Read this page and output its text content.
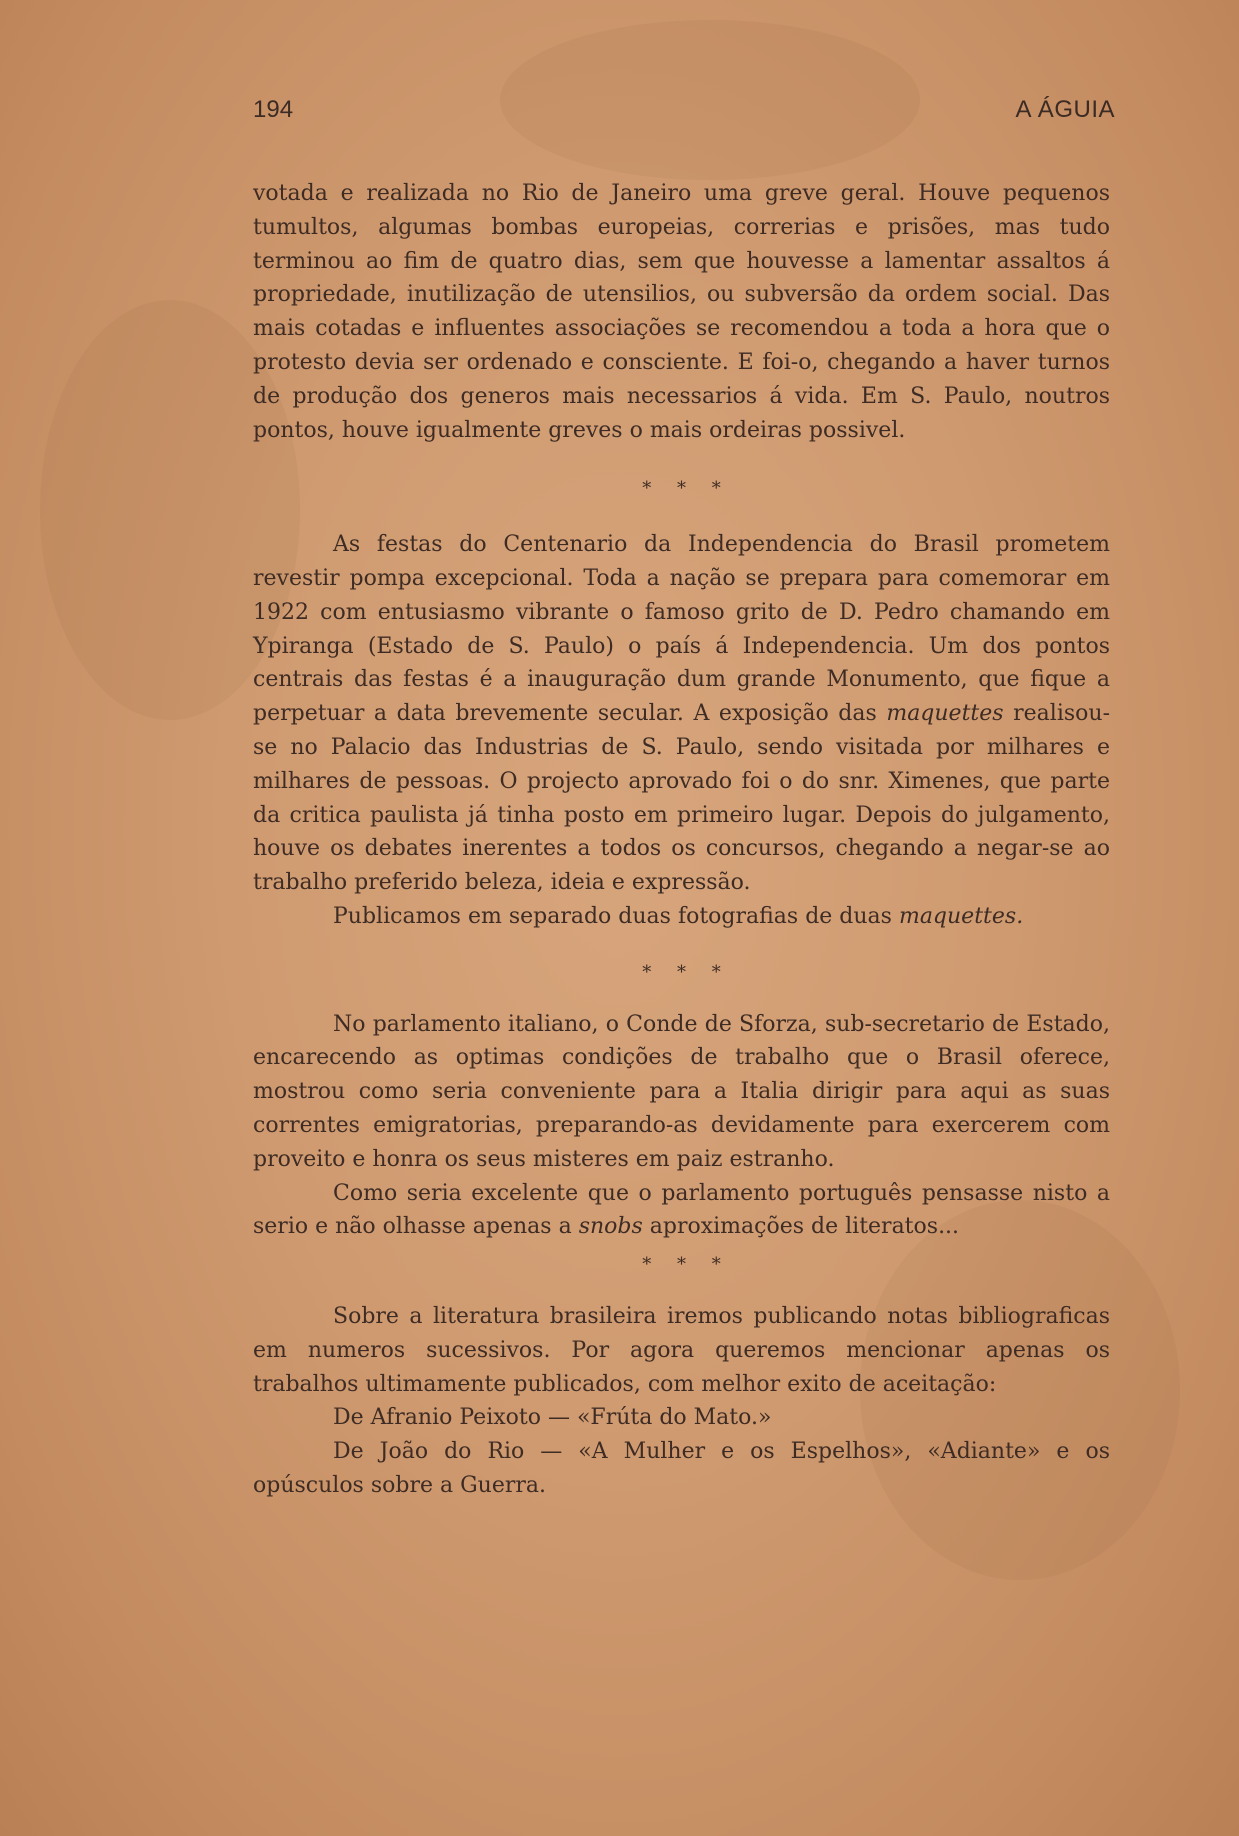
194	A ÁGUIA

votada e realizada no Rio de Janeiro uma greve geral. Houve pequenos tumultos, algumas bombas europeias, correrias e prisões, mas tudo terminou ao fim de quatro dias, sem que houvesse a lamentar assaltos á propriedade, inutilização de utensilios, ou subversão da ordem social. Das mais cotadas e influentes associações se recomendou a toda a hora que o protesto devia ser ordenado e consciente. E foi-o, chegando a haver turnos de produção dos generos mais necessarios á vida. Em S. Paulo, noutros pontos, houve igualmente greves o mais ordeiras possivel.

* * *

As festas do Centenario da Independencia do Brasil prometem revestir pompa excepcional. Toda a nação se prepara para comemorar em 1922 com entusiasmo vibrante o famoso grito de D. Pedro chamando em Ypiranga (Estado de S. Paulo) o país á Independencia. Um dos pontos centrais das festas é a inauguração dum grande Monumento, que fique a perpetuar a data brevemente secular. A exposição das maquettes realisou-se no Palacio das Industrias de S. Paulo, sendo visitada por milhares e milhares de pessoas. O projecto aprovado foi o do snr. Ximenes, que parte da critica paulista já tinha posto em primeiro lugar. Depois do julgamento, houve os debates inerentes a todos os concursos, chegando a negar-se ao trabalho preferido beleza, ideia e expressão.

Publicamos em separado duas fotografias de duas maquettes.

* * *

No parlamento italiano, o Conde de Sforza, sub-secretario de Estado, encarecendo as optimas condições de trabalho que o Brasil oferece, mostrou como seria conveniente para a Italia dirigir para aqui as suas correntes emigratorias, preparando-as devidamente para exercerem com proveito e honra os seus misteres em paiz estranho.

Como seria excelente que o parlamento português pensasse nisto a serio e não olhasse apenas a snobs aproximações de literatos...

* * *

Sobre a literatura brasileira iremos publicando notas bibliograficas em numeros sucessivos. Por agora queremos mencionar apenas os trabalhos ultimamente publicados, com melhor exito de aceitação:

De Afranio Peixoto — «Frúta do Mato.»

De João do Rio — «A Mulher e os Espelhos», «Adiante» e os opúsculos sobre a Guerra.
